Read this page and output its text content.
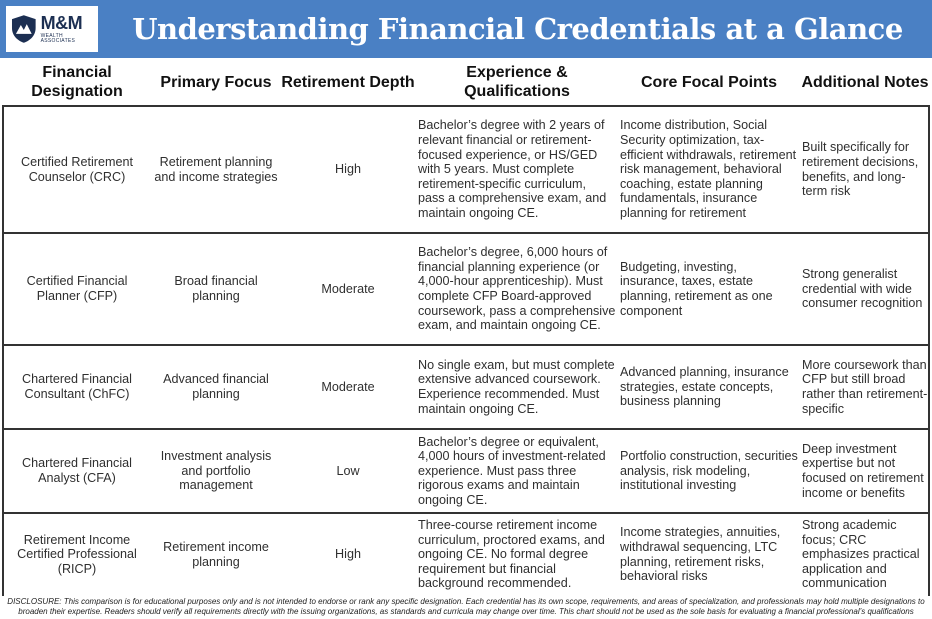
M&M
WEALTH ASSOCIATES	Understanding Financial Credentials at a Glance
Financial Designation	Primary Focus	Retirement Depth	Experience & Qualifications	Core Focal Points	Additional Notes
Certified Retirement Counselor (CRC)	Retirement planning and income strategies	High	Bachelor’s degree with 2 years of relevant financial or retirement-focused experience, or HS/GED with 5 years. Must complete retirement-specific curriculum, pass a comprehensive exam, and maintain ongoing CE.	Income distribution, Social Security optimization, tax-efficient withdrawals, retirement risk management, behavioral coaching, estate planning fundamentals, insurance planning for retirement	Built specifically for retirement decisions, benefits, and long-term risk
Certified Financial Planner (CFP)	Broad financial planning	Moderate	Bachelor’s degree, 6,000 hours of financial planning experience (or 4,000-hour apprenticeship). Must complete CFP Board-approved coursework, pass a comprehensive exam, and maintain ongoing CE.	Budgeting, investing, insurance, taxes, estate planning, retirement as one component	Strong generalist credential with wide consumer recognition
Chartered Financial Consultant (ChFC)	Advanced financial planning	Moderate	No single exam, but must complete extensive advanced coursework. Experience recommended. Must maintain ongoing CE.	Advanced planning, insurance strategies, estate concepts, business planning	More coursework than CFP but still broad rather than retirement-specific
Chartered Financial Analyst (CFA)	Investment analysis and portfolio management	Low	Bachelor’s degree or equivalent, 4,000 hours of investment-related experience. Must pass three rigorous exams and maintain ongoing CE.	Portfolio construction, securities analysis, risk modeling, institutional investing	Deep investment expertise but not focused on retirement income or benefits
Retirement Income Certified Professional (RICP)	Retirement income planning	High	Three-course retirement income curriculum, proctored exams, and ongoing CE. No formal degree requirement but financial background recommended.	Income strategies, annuities, withdrawal sequencing, LTC planning, retirement risks, behavioral risks	Strong academic focus; CRC emphasizes practical application and communication
DISCLOSURE: This comparison is for educational purposes only and is not intended to endorse or rank any specific designation. Each credential has its own scope, requirements, and areas of specialization, and professionals may hold multiple designations to broaden their expertise. Readers should verify all requirements directly with the issuing organizations, as standards and curricula may change over time. This chart should not be used as the sole basis for evaluating a financial professional’s qualifications
